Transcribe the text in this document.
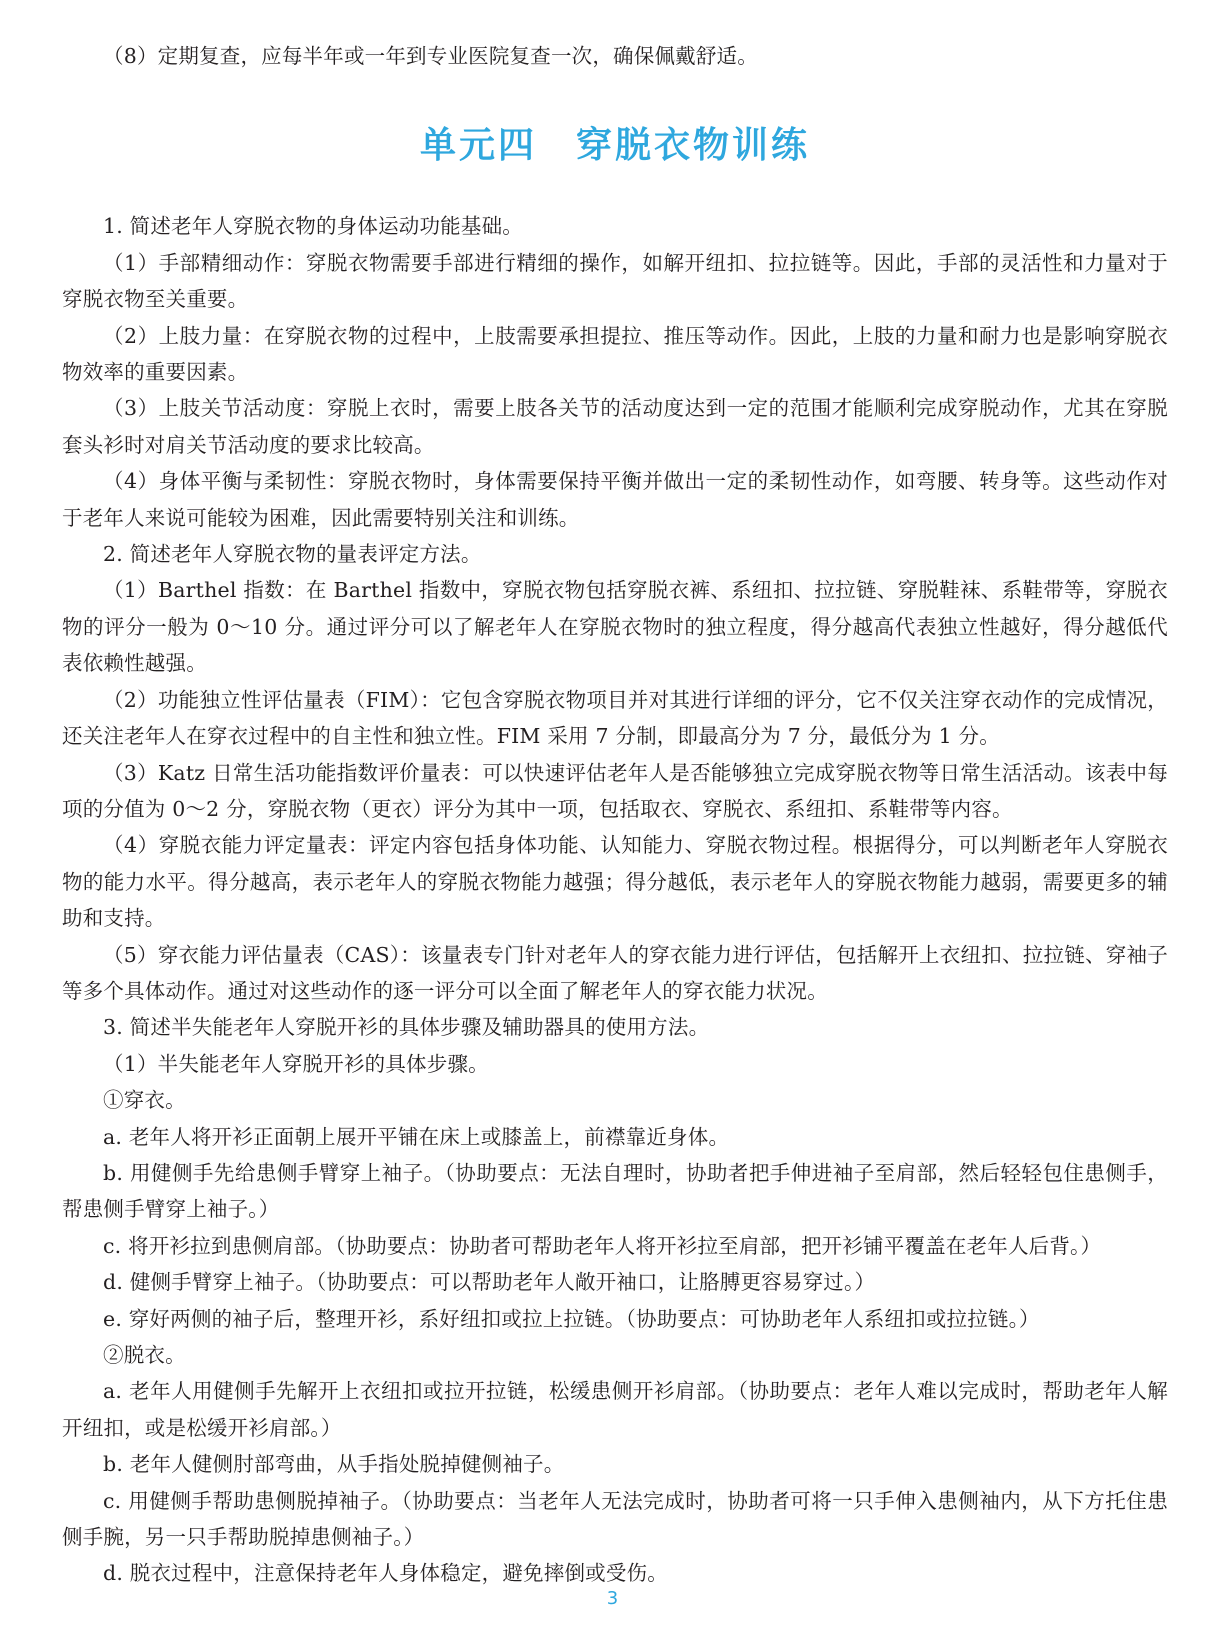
（8）定期复查，应每半年或一年到专业医院复查一次，确保佩戴舒适。

单元四　穿脱衣物训练

1. 简述老年人穿脱衣物的身体运动功能基础。

（1）手部精细动作：穿脱衣物需要手部进行精细的操作，如解开纽扣、拉拉链等。因此，手部的灵活性和力量对于穿脱衣物至关重要。

（2）上肢力量：在穿脱衣物的过程中，上肢需要承担提拉、推压等动作。因此，上肢的力量和耐力也是影响穿脱衣物效率的重要因素。

（3）上肢关节活动度：穿脱上衣时，需要上肢各关节的活动度达到一定的范围才能顺利完成穿脱动作，尤其在穿脱套头衫时对肩关节活动度的要求比较高。

（4）身体平衡与柔韧性：穿脱衣物时，身体需要保持平衡并做出一定的柔韧性动作，如弯腰、转身等。这些动作对于老年人来说可能较为困难，因此需要特别关注和训练。

2. 简述老年人穿脱衣物的量表评定方法。

（1）Barthel 指数：在 Barthel 指数中，穿脱衣物包括穿脱衣裤、系纽扣、拉拉链、穿脱鞋袜、系鞋带等，穿脱衣物的评分一般为 0～10 分。通过评分可以了解老年人在穿脱衣物时的独立程度，得分越高代表独立性越好，得分越低代表依赖性越强。

（2）功能独立性评估量表（FIM）：它包含穿脱衣物项目并对其进行详细的评分，它不仅关注穿衣动作的完成情况，还关注老年人在穿衣过程中的自主性和独立性。FIM 采用 7 分制，即最高分为 7 分，最低分为 1 分。

（3）Katz 日常生活功能指数评价量表：可以快速评估老年人是否能够独立完成穿脱衣物等日常生活活动。该表中每项的分值为 0～2 分，穿脱衣物（更衣）评分为其中一项，包括取衣、穿脱衣、系纽扣、系鞋带等内容。

（4）穿脱衣能力评定量表：评定内容包括身体功能、认知能力、穿脱衣物过程。根据得分，可以判断老年人穿脱衣物的能力水平。得分越高，表示老年人的穿脱衣物能力越强；得分越低，表示老年人的穿脱衣物能力越弱，需要更多的辅助和支持。

（5）穿衣能力评估量表（CAS）：该量表专门针对老年人的穿衣能力进行评估，包括解开上衣纽扣、拉拉链、穿袖子等多个具体动作。通过对这些动作的逐一评分可以全面了解老年人的穿衣能力状况。

3. 简述半失能老年人穿脱开衫的具体步骤及辅助器具的使用方法。

（1）半失能老年人穿脱开衫的具体步骤。

①穿衣。

a. 老年人将开衫正面朝上展开平铺在床上或膝盖上，前襟靠近身体。

b. 用健侧手先给患侧手臂穿上袖子。（协助要点：无法自理时，协助者把手伸进袖子至肩部，然后轻轻包住患侧手，帮患侧手臂穿上袖子。）

c. 将开衫拉到患侧肩部。（协助要点：协助者可帮助老年人将开衫拉至肩部，把开衫铺平覆盖在老年人后背。）

d. 健侧手臂穿上袖子。（协助要点：可以帮助老年人敞开袖口，让胳膊更容易穿过。）

e. 穿好两侧的袖子后，整理开衫，系好纽扣或拉上拉链。（协助要点：可协助老年人系纽扣或拉拉链。）

②脱衣。

a. 老年人用健侧手先解开上衣纽扣或拉开拉链，松缓患侧开衫肩部。（协助要点：老年人难以完成时，帮助老年人解开纽扣，或是松缓开衫肩部。）

b. 老年人健侧肘部弯曲，从手指处脱掉健侧袖子。

c. 用健侧手帮助患侧脱掉袖子。（协助要点：当老年人无法完成时，协助者可将一只手伸入患侧袖内，从下方托住患侧手腕，另一只手帮助脱掉患侧袖子。）

d. 脱衣过程中，注意保持老年人身体稳定，避免摔倒或受伤。

3
